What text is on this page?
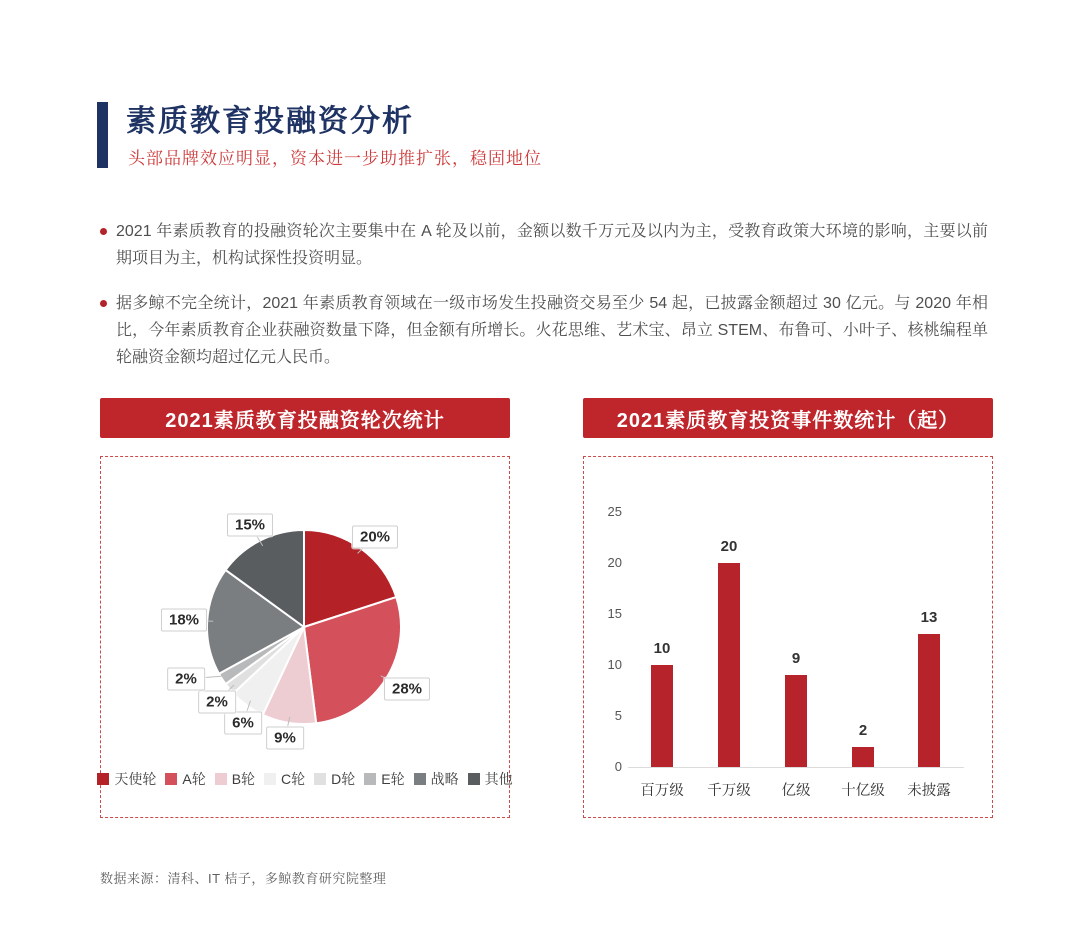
素质教育投融资分析
头部品牌效应明显，资本进一步助推扩张，稳固地位
2021 年素质教育的投融资轮次主要集中在 A 轮及以前，金额以数千万元及以内为主，受教育政策大环境的影响，主要以前期项目为主，机构试探性投资明显。
据多鲸不完全统计，2021 年素质教育领域在一级市场发生投融资交易至少 54 起，已披露金额超过 30 亿元。与 2020 年相比，今年素质教育企业获融资数量下降，但金额有所增长。火花思维、艺术宝、昂立 STEM、布鲁可、小叶子、核桃编程单轮融资金额均超过亿元人民币。
2021素质教育投融资轮次统计
天使轮 A轮 B轮 C轮 D轮 E轮 战略 其他
20%
28%
9%
6%
2%
2%
18%
15%
2021素质教育投资事件数统计（起）
0
5
10
15
20
25
10
百万级
20
千万级
9
亿级
2
十亿级
13
未披露
数据来源：清科、IT 桔子，多鲸教育研究院整理
